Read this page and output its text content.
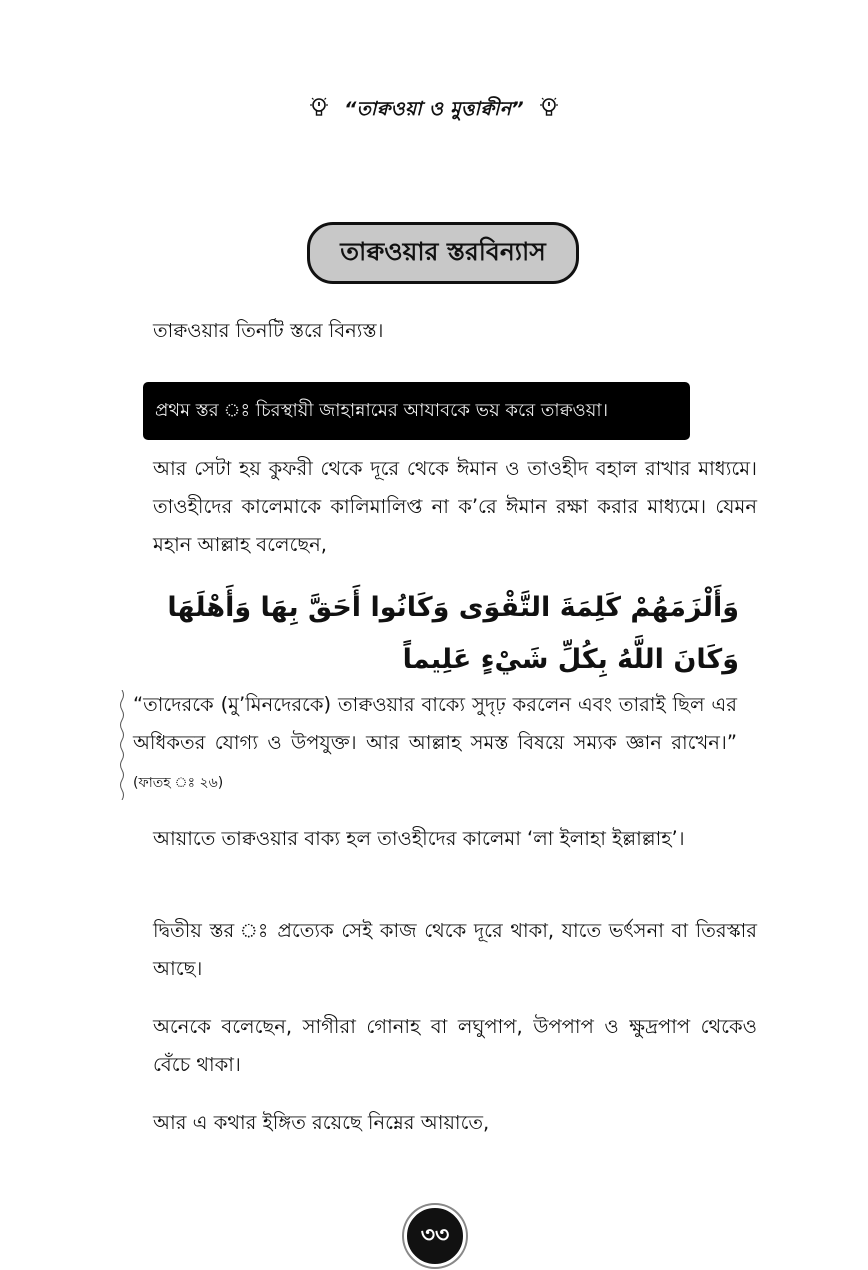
“তাক্বওয়া ও মুত্তাক্বীন”
তাক্বওয়ার স্তরবিন্যাস
তাক্বওয়ার তিনটি স্তরে বিন্যস্ত।
প্রথম স্তর ঃ চিরস্থায়ী জাহান্নামের আযাবকে ভয় করে তাক্বওয়া।
আর সেটা হয় কুফরী থেকে দূরে থেকে ঈমান ও তাওহীদ বহাল রাখার মাধ্যমে। তাওহীদের কালেমাকে কালিমালিপ্ত না ক’রে ঈমান রক্ষা করার মাধ্যমে। যেমন মহান আল্লাহ বলেছেন,
وَأَلْزَمَهُمْ كَلِمَةَ التَّقْوَى وَكَانُوا أَحَقَّ بِهَا وَأَهْلَهَا وَكَانَ اللَّهُ بِكُلِّ شَيْءٍ عَلِيماً
“তাদেরকে (মু’মিনদেরকে) তাক্বওয়ার বাক্যে সুদৃঢ় করলেন এবং তারাই ছিল এর অধিকতর যোগ্য ও উপযুক্ত। আর আল্লাহ সমস্ত বিষয়ে সম্যক জ্ঞান রাখেন।” (ফাতহ ঃ ২৬)
আয়াতে তাক্বওয়ার বাক্য হল তাওহীদের কালেমা ‘লা ইলাহা ইল্লাল্লাহ’।
দ্বিতীয় স্তর ঃ প্রত্যেক সেই কাজ থেকে দূরে থাকা, যাতে ভর্ৎসনা বা তিরস্কার আছে।
অনেকে বলেছেন, সাগীরা গোনাহ বা লঘুপাপ, উপপাপ ও ক্ষুদ্রপাপ থেকেও বেঁচে থাকা।
আর এ কথার ইঙ্গিত রয়েছে নিম্নের আয়াতে,
৩৩
